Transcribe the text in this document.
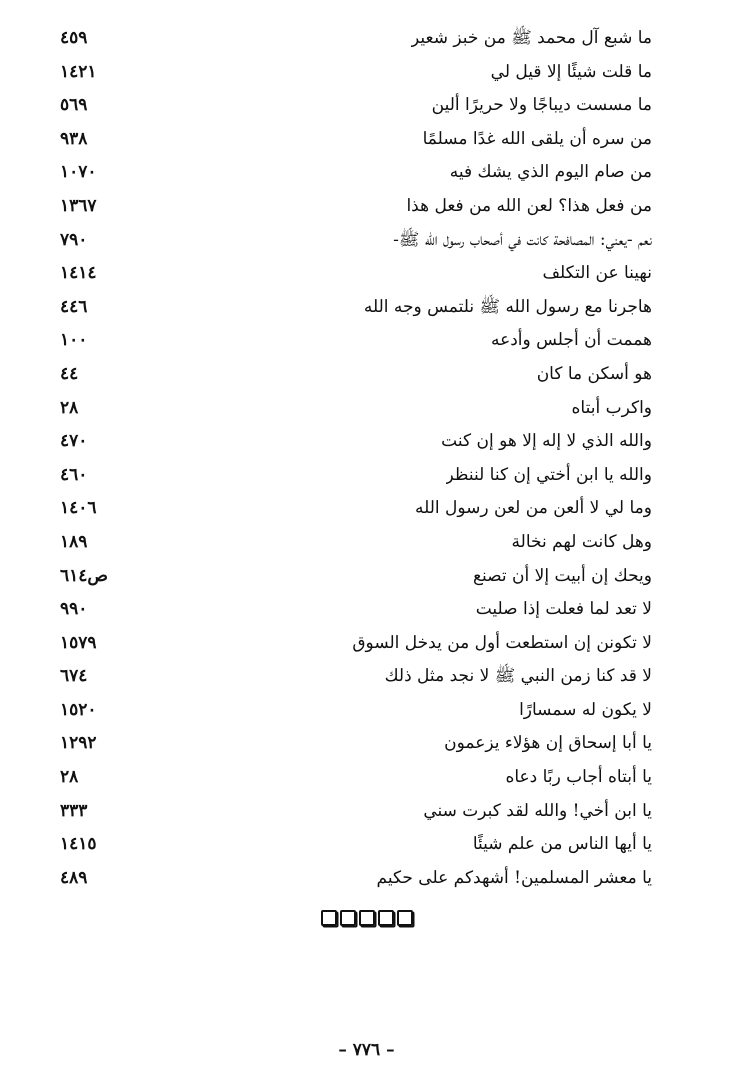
ما شبع آل محمد ﷺ من خبز شعير
٤٥٩
ما قلت شيئًا إلا قيل لي
١٤٢١
ما مسست ديباجًا ولا حريرًا ألين
٥٦٩
من سره أن يلقى الله غدًا مسلمًا
٩٣٨
من صام اليوم الذي يشك فيه
١٠٧٠
من فعل هذا؟ لعن الله من فعل هذا
١٣٦٧
نعم -يعني: المصافحة كانت في أصحاب رسول الله ﷺ-
٧٩٠
نهينا عن التكلف
١٤١٤
هاجرنا مع رسول الله ﷺ نلتمس وجه الله
٤٤٦
هممت أن أجلس وأدعه
١٠٠
هو أسكن ما كان
٤٤
واكرب أبتاه
٢٨
والله الذي لا إله إلا هو إن كنت
٤٧٠
والله يا ابن أختي إن كنا لننظر
٤٦٠
وما لي لا ألعن من لعن رسول الله
١٤٠٦
وهل كانت لهم نخالة
١٨٩
ويحك إن أبيت إلا أن تصنع
ص٦١٤
لا تعد لما فعلت إذا صليت
٩٩٠
لا تكونن إن استطعت أول من يدخل السوق
١٥٧٩
لا قد كنا زمن النبي ﷺ لا نجد مثل ذلك
٦٧٤
لا يكون له سمسارًا
١٥٢٠
يا أبا إسحاق إن هؤلاء يزعمون
١٢٩٢
يا أبتاه أجاب ربًا دعاه
٢٨
يا ابن أخي! والله لقد كبرت سني
٣٣٣
يا أيها الناس من علم شيئًا
١٤١٥
يا معشر المسلمين! أشهدكم على حكيم
٤٨٩
– ٧٧٦ –
